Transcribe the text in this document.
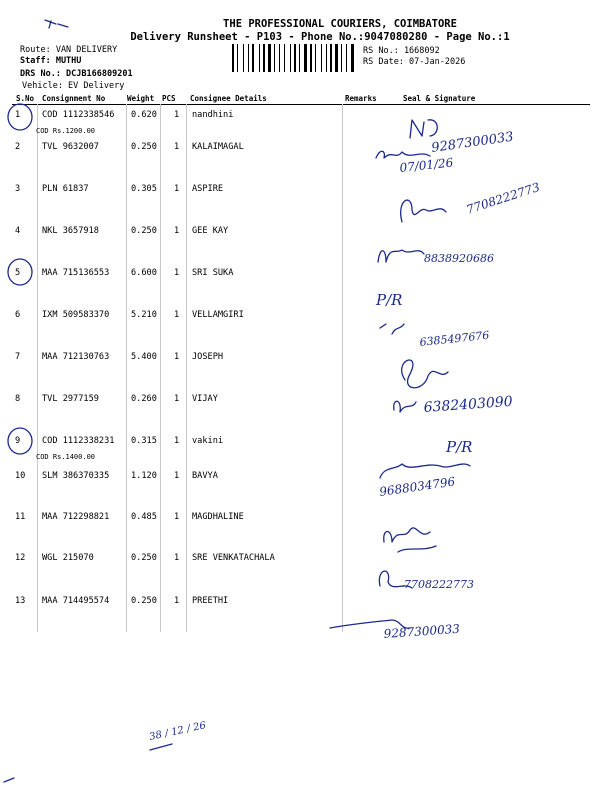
THE PROFESSIONAL COURIERS, COIMBATORE
Delivery Runsheet - P103 - Phone No.:9047080280 - Page No.:1
Route: VAN DELIVERY
Staff: MUTHU
DRS No.: DCJB166809201
Vehicle: EV Delivery
RS No.: 1668092
RS Date: 07-Jan-2026
S.No Consignment No	Weight PCS Consignee Details	Remarks	Seal & Signature
1	COD 1112338546 0.620 1 nandhini
COD Rs.1200.00
2	TVL 9632007	0.250 1 KALAIMAGAL
3	PLN 61837	0.305 1 ASPIRE
4	NKL 3657918	0.250 1 GEE KAY
5	MAA 715136553	6.600 1 SRI SUKA
6	IXM 509583370	5.210 1 VELLAMGIRI
7	MAA 712130763	5.400 1 JOSEPH
8	TVL 2977159	0.260 1 VIJAY
9	COD 1112338231 0.315 1 vakini
COD Rs.1400.00
10 SLM 386370335	1.120 1 BAVYA
11 MAA 712298821	0.485 1 MAGDHALINE
12 WGL 215070	0.250 1 SRE VENKATACHALA
13 MAA 714495574	0.250 1 PREETHI
9287300033
07/01/26
7708222773
8838920686
P/R
6385497676
6382403090
P/R
9688034796
7708222773
9287300033
38 / 12 / 26
